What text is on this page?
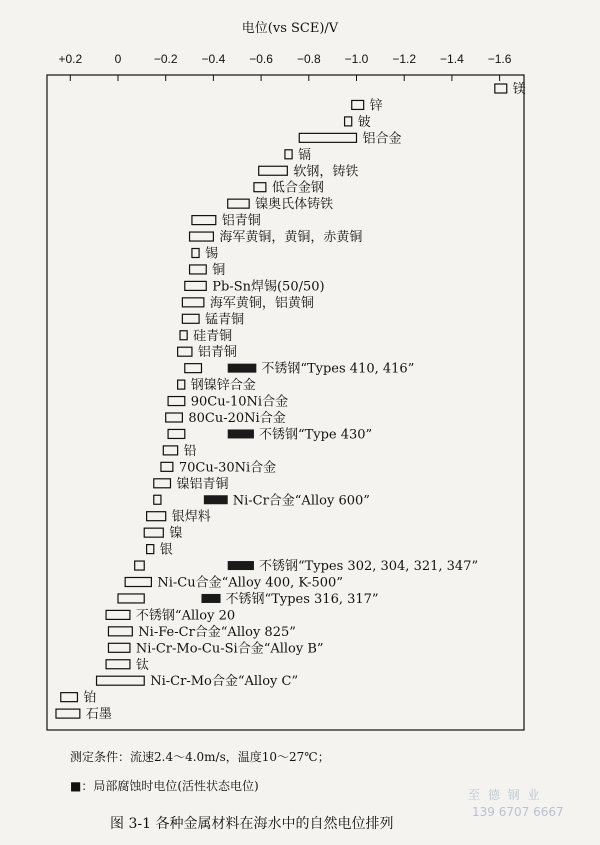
电位(vs SCE)/V
+0.2	0	−0.2 −0.4 −0.6 −0.8 −1.0 −1.2 −1.4 −1.6
镁
锌
铍
铝合金
镉
软钢，铸铁
低合金钢
镍奥氏体铸铁
铝青铜
海军黄铜，黄铜，赤黄铜
锡
铜
Pb-Sn焊锡(50/50)
海军黄铜，铝黄铜
锰青铜
硅青铜
铝青铜
不锈钢“Types 410, 416”
钢镍锌合金
90Cu-10Ni合金
80Cu-20Ni合金
不锈钢“Type 430”
铅
70Cu-30Ni合金
镍铝青铜
Ni-Cr合金“Alloy 600”
银焊料
镍
银
不锈钢“Types 302, 304, 321, 347”
Ni-Cu合金“Alloy 400, K-500”
不锈钢“Types 316, 317”
不锈钢“Alloy 20
Ni-Fe-Cr合金“Alloy 825”
Ni-Cr-Mo-Cu-Si合金“Alloy B”
钛
Ni-Cr-Mo合金“Alloy C”
铂
石墨
测定条件：流速2.4～4.0m/s，温度10～27℃；
■：局部腐蚀时电位(活性状态电位)
图 3-1 各种金属材料在海水中的自然电位排列
至 德 钢 业
139 6707 6667
